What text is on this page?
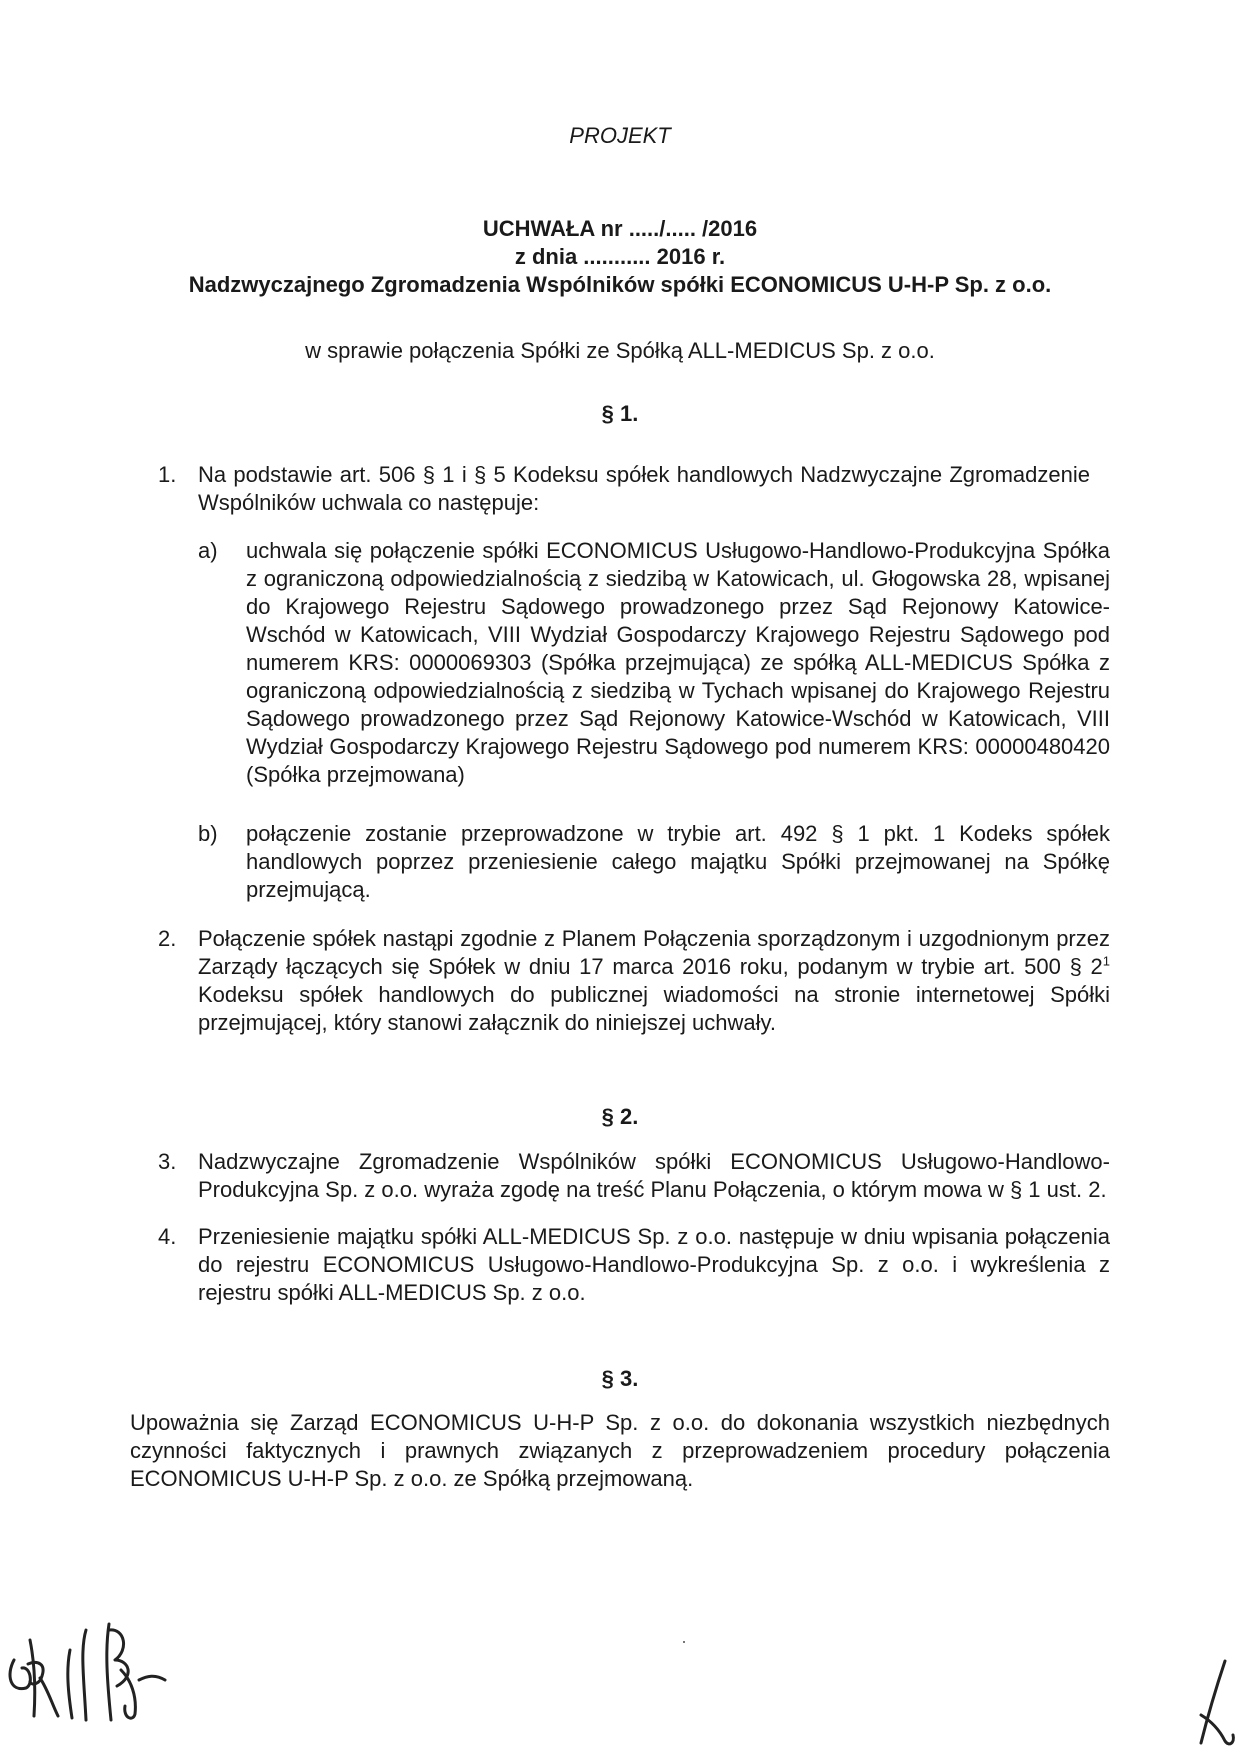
PROJEKT
UCHWAŁA nr ...../..... /2016
z dnia ........... 2016 r.
Nadzwyczajnego Zgromadzenia Wspólników spółki ECONOMICUS U-H-P Sp. z o.o.
w sprawie połączenia Spółki ze Spółką ALL-MEDICUS Sp. z o.o.
§ 1.
1. Na podstawie art. 506 § 1 i § 5 Kodeksu spółek handlowych Nadzwyczajne Zgromadzenie
Wspólników uchwala co następuje:
a) uchwala się połączenie spółki ECONOMICUS Usługowo-Handlowo-Produkcyjna Spółka
z ograniczoną odpowiedzialnością z siedzibą w Katowicach, ul. Głogowska 28, wpisanej
do Krajowego Rejestru Sądowego prowadzonego przez Sąd Rejonowy Katowice-
Wschód w Katowicach, VIII Wydział Gospodarczy Krajowego Rejestru Sądowego pod
numerem KRS: 0000069303 (Spółka przejmująca) ze spółką ALL-MEDICUS Spółka z
ograniczoną odpowiedzialnością z siedzibą w Tychach wpisanej do Krajowego Rejestru
Sądowego prowadzonego przez Sąd Rejonowy Katowice-Wschód w Katowicach, VIII
Wydział Gospodarczy Krajowego Rejestru Sądowego pod numerem KRS: 00000480420
(Spółka przejmowana)
b) połączenie zostanie przeprowadzone w trybie art. 492 § 1 pkt. 1 Kodeks spółek
handlowych poprzez przeniesienie całego majątku Spółki przejmowanej na Spółkę
przejmującą.
2. Połączenie spółek nastąpi zgodnie z Planem Połączenia sporządzonym i uzgodnionym przez
Zarządy łączących się Spółek w dniu 17 marca 2016 roku, podanym w trybie art. 500 § $2^1$
Kodeksu spółek handlowych do publicznej wiadomości na stronie internetowej Spółki
przejmującej, który stanowi załącznik do niniejszej uchwały.
§ 2.
3. Nadzwyczajne Zgromadzenie Wspólników spółki ECONOMICUS Usługowo-Handlowo-
Produkcyjna Sp. z o.o. wyraża zgodę na treść Planu Połączenia, o którym mowa w § 1 ust. 2.
4. Przeniesienie majątku spółki ALL-MEDICUS Sp. z o.o. następuje w dniu wpisania połączenia
do rejestru ECONOMICUS Usługowo-Handlowo-Produkcyjna Sp. z o.o. i wykreślenia z
rejestru spółki ALL-MEDICUS Sp. z o.o.
§ 3.
Upoważnia się Zarząd ECONOMICUS U-H-P Sp. z o.o. do dokonania wszystkich niezbędnych
czynności faktycznych i prawnych związanych z przeprowadzeniem procedury połączenia
ECONOMICUS U-H-P Sp. z o.o. ze Spółką przejmowaną.
